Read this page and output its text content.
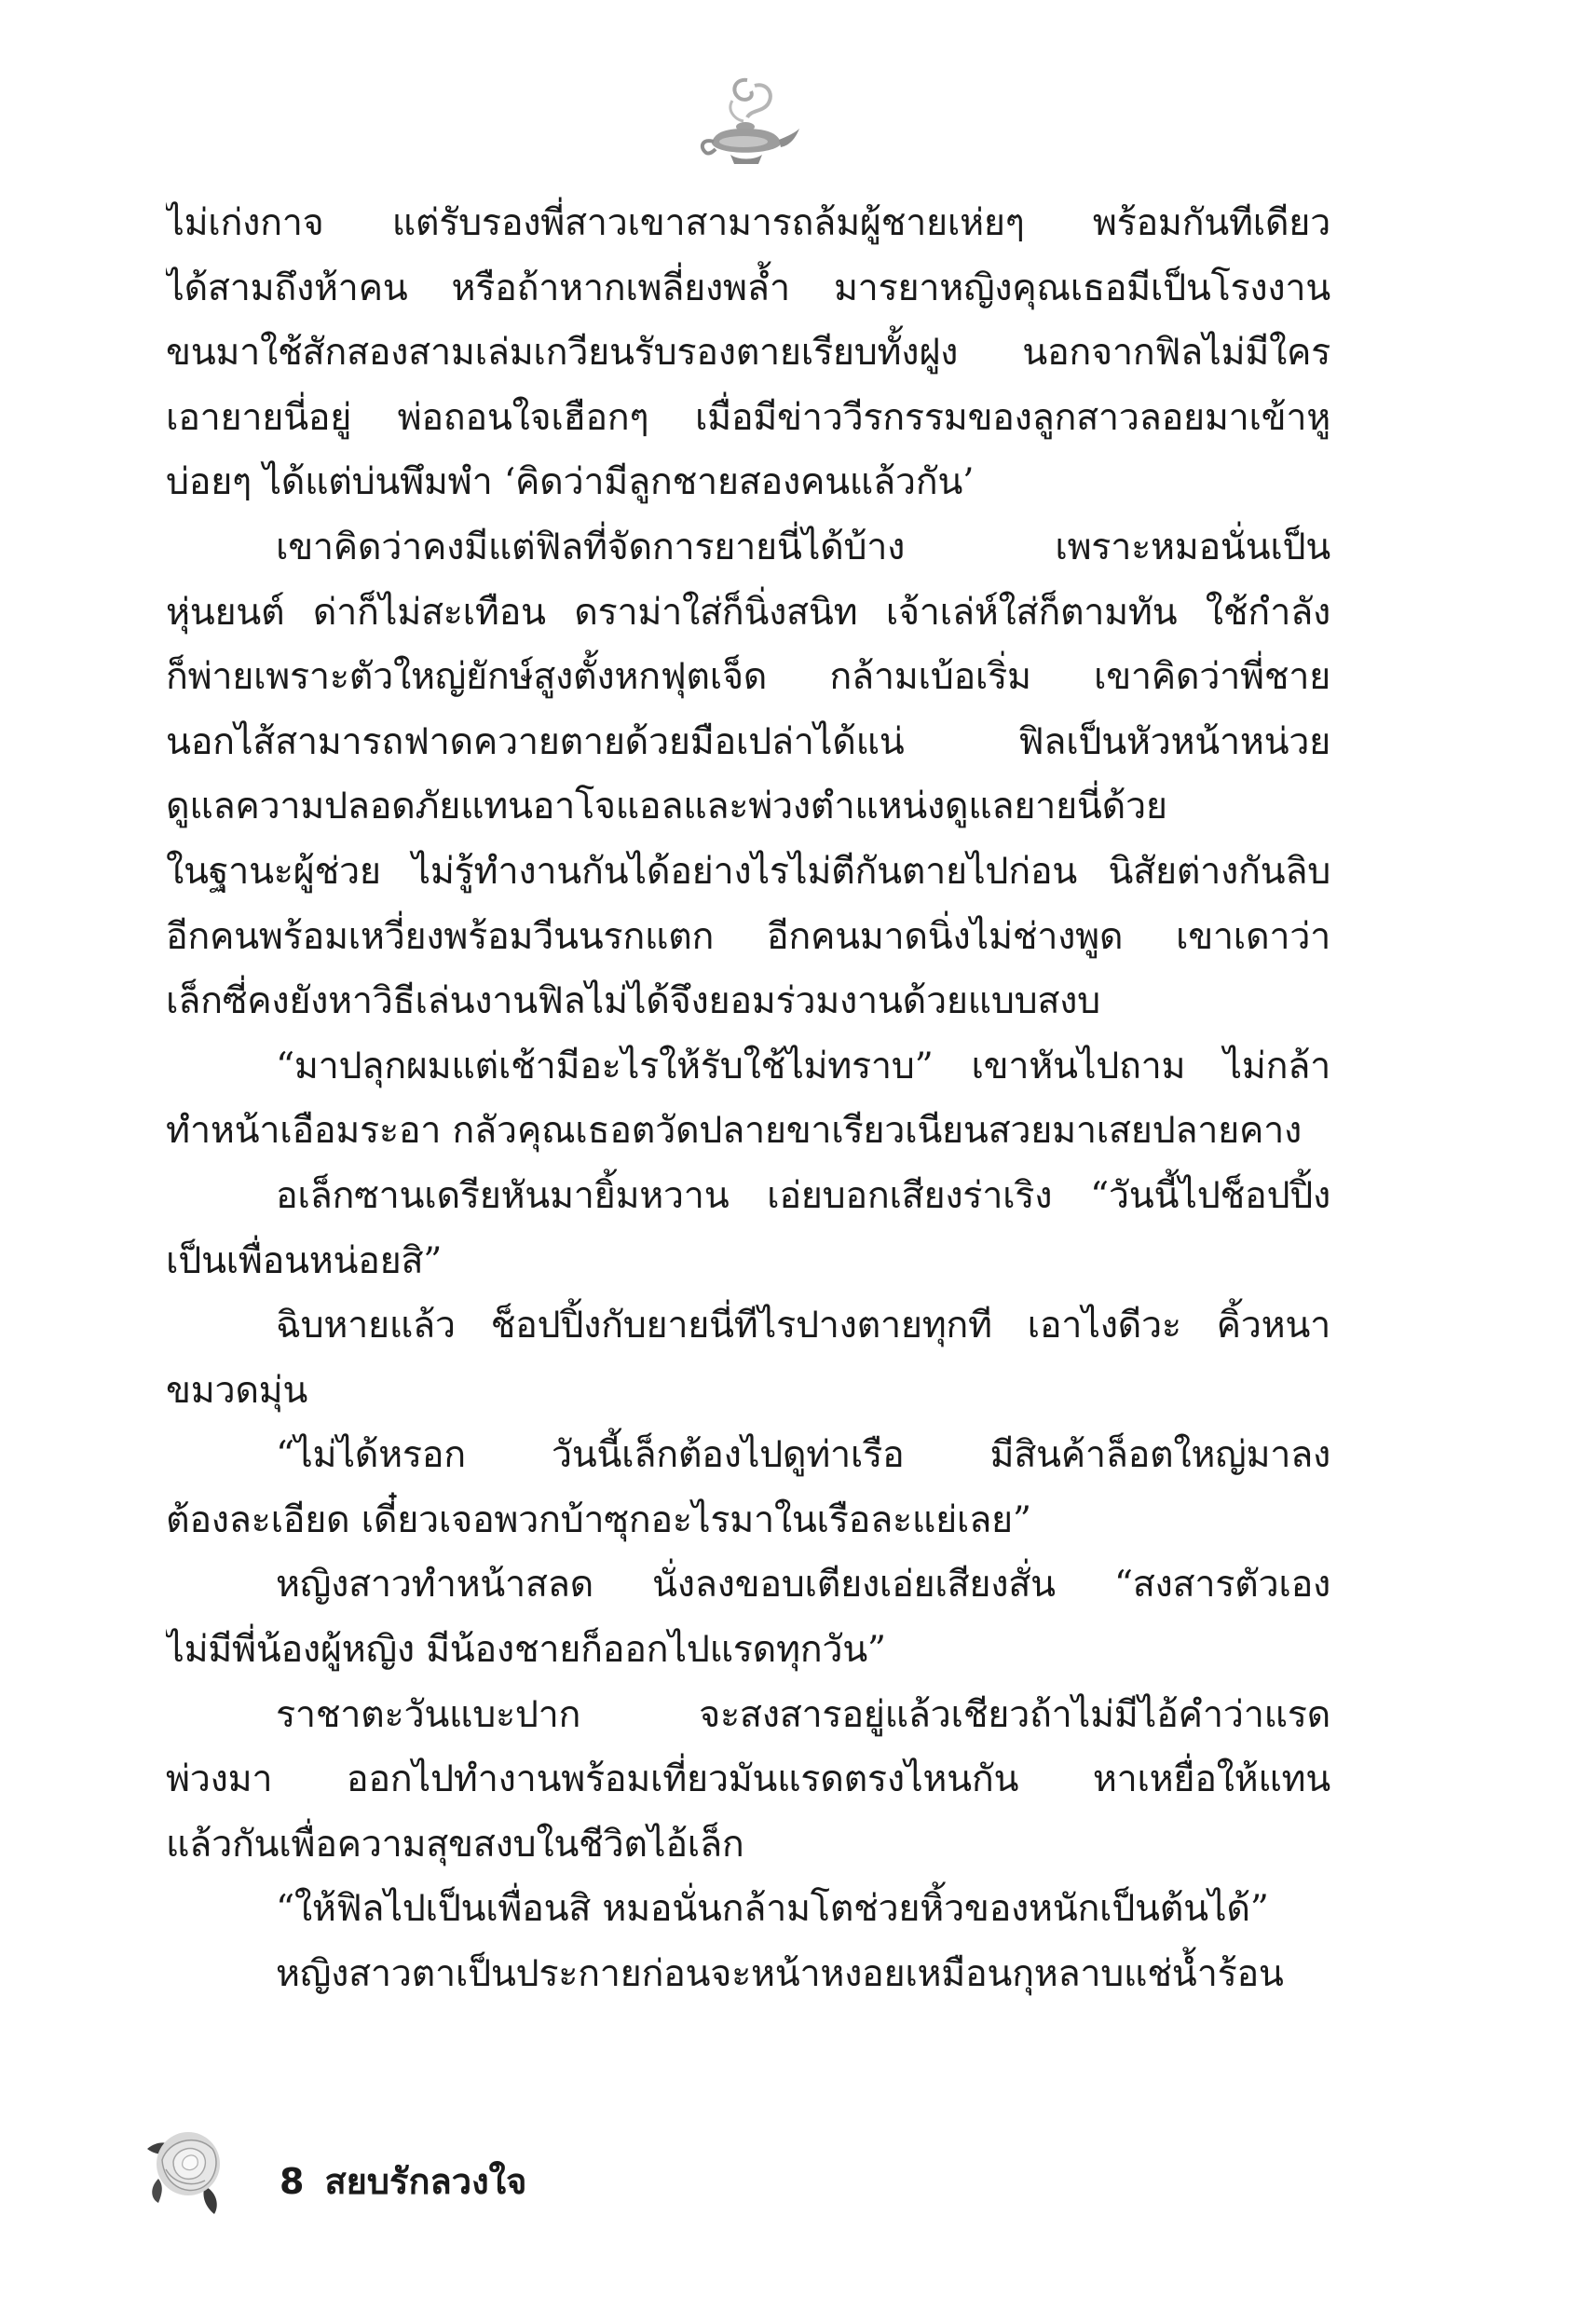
ไม่เก่งกาจ แต่รับรองพี่สาวเขาสามารถล้มผู้ชายเห่ยๆ พร้อมกันทีเดียว
ได้สามถึงห้าคน หรือถ้าหากเพลี่ยงพล้ำ มารยาหญิงคุณเธอมีเป็นโรงงาน
ขนมาใช้สักสองสามเล่มเกวียนรับรองตายเรียบทั้งฝูง นอกจากฟิลไม่มีใคร
เอายายนี่อยู่ พ่อถอนใจเฮือกๆ เมื่อมีข่าววีรกรรมของลูกสาวลอยมาเข้าหู
บ่อยๆ ได้แต่บ่นพึมพำ ‘คิดว่ามีลูกชายสองคนแล้วกัน’
เขาคิดว่าคงมีแต่ฟิลที่จัดการยายนี่ได้บ้าง เพราะหมอนั่นเป็น
หุ่นยนต์ ด่าก็ไม่สะเทือน ดราม่าใส่ก็นิ่งสนิท เจ้าเล่ห์ใส่ก็ตามทัน ใช้กำลัง
ก็พ่ายเพราะตัวใหญ่ยักษ์สูงตั้งหกฟุตเจ็ด กล้ามเบ้อเริ่ม เขาคิดว่าพี่ชาย
นอกไส้สามารถฟาดควายตายด้วยมือเปล่าได้แน่ ฟิลเป็นหัวหน้าหน่วย
ดูแลความปลอดภัยแทนอาโจแอลและพ่วงตำแหน่งดูแลยายนี่ด้วย
ในฐานะผู้ช่วย ไม่รู้ทำงานกันได้อย่างไรไม่ตีกันตายไปก่อน นิสัยต่างกันลิบ
อีกคนพร้อมเหวี่ยงพร้อมวีนนรกแตก อีกคนมาดนิ่งไม่ช่างพูด เขาเดาว่า
เล็กซี่คงยังหาวิธีเล่นงานฟิลไม่ได้จึงยอมร่วมงานด้วยแบบสงบ
“มาปลุกผมแต่เช้ามีอะไรให้รับใช้ไม่ทราบ” เขาหันไปถาม ไม่กล้า
ทำหน้าเอือมระอา กลัวคุณเธอตวัดปลายขาเรียวเนียนสวยมาเสยปลายคาง
อเล็กซานเดรียหันมายิ้มหวาน เอ่ยบอกเสียงร่าเริง “วันนี้ไปช็อปปิ้ง
เป็นเพื่อนหน่อยสิ”
ฉิบหายแล้ว ช็อปปิ้งกับยายนี่ทีไรปางตายทุกที เอาไงดีวะ คิ้วหนา
ขมวดมุ่น
“ไม่ได้หรอก วันนี้เล็กต้องไปดูท่าเรือ มีสินค้าล็อตใหญ่มาลง
ต้องละเอียด เดี๋ยวเจอพวกบ้าซุกอะไรมาในเรือละแย่เลย”
หญิงสาวทำหน้าสลด นั่งลงขอบเตียงเอ่ยเสียงสั่น “สงสารตัวเอง
ไม่มีพี่น้องผู้หญิง มีน้องชายก็ออกไปแรดทุกวัน”
ราชาตะวันแบะปาก จะสงสารอยู่แล้วเชียวถ้าไม่มีไอ้คำว่าแรด
พ่วงมา ออกไปทำงานพร้อมเที่ยวมันแรดตรงไหนกัน หาเหยื่อให้แทน
แล้วกันเพื่อความสุขสงบในชีวิตไอ้เล็ก
“ให้ฟิลไปเป็นเพื่อนสิ หมอนั่นกล้ามโตช่วยหิ้วของหนักเป็นต้นได้”
หญิงสาวตาเป็นประกายก่อนจะหน้าหงอยเหมือนกุหลาบแช่น้ำร้อน
8 สยบรักลวงใจ
